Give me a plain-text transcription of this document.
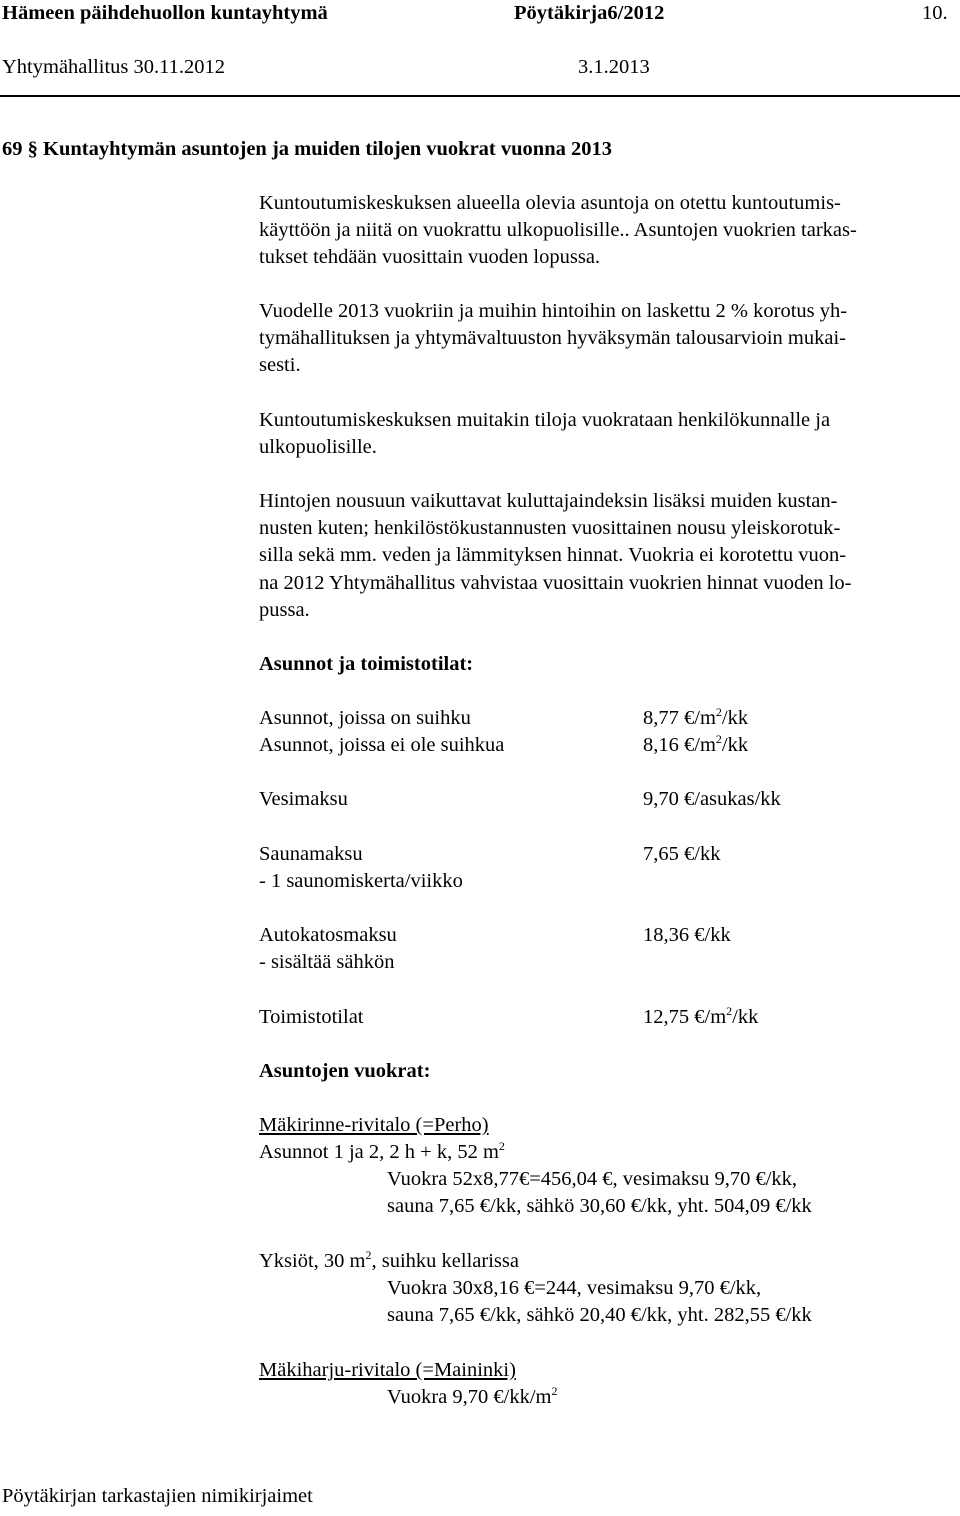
Hämeen päihdehuollon kuntayhtymä	Pöytäkirja6/2012	10.
Yhtymähallitus 30.11.2012	3.1.2013
69 § Kuntayhtymän asuntojen ja muiden tilojen vuokrat vuonna 2013
Kuntoutumiskeskuksen alueella olevia asuntoja on otettu kuntoutumis-
käyttöön ja niitä on vuokrattu ulkopuolisille.. Asuntojen vuokrien tarkas-
tukset tehdään vuosittain vuoden lopussa.
Vuodelle 2013 vuokriin ja muihin hintoihin on laskettu 2 % korotus yh-
tymähallituksen ja yhtymävaltuuston hyväksymän talousarvioin mukai-
sesti.
Kuntoutumiskeskuksen muitakin tiloja vuokrataan henkilökunnalle ja
ulkopuolisille.
Hintojen nousuun vaikuttavat kuluttajaindeksin lisäksi muiden kustan-
nusten kuten; henkilöstökustannusten vuosittainen nousu yleiskorotuk-
silla sekä mm. veden ja lämmityksen hinnat. Vuokria ei korotettu vuon-
na 2012 Yhtymähallitus vahvistaa vuosittain vuokrien hinnat vuoden lo-
pussa.
Asunnot ja toimistotilat:
Asunnot, joissa on suihku	8,77 $€/m^2/kk$
Asunnot, joissa ei ole suihkua	8,16 $€/m^2/kk$
Vesimaksu	9,70 €/asukas/kk
Saunamaksu	7,65 €/kk
- 1 saunomiskerta/viikko
Autokatosmaksu	18,36 €/kk
- sisältää sähkön
Toimistotilat	12,75 $€/m^2/kk$
Asuntojen vuokrat:
Mäkirinne-rivitalo (=Perho)
Asunnot 1 ja 2, 2 h + k, 52 $m^2$
Vuokra 52x8,77€=456,04 €, vesimaksu 9,70 €/kk,
sauna 7,65 €/kk, sähkö 30,60 €/kk, yht. 504,09 €/kk
Yksiöt, 30 $m^2$, suihku kellarissa
Vuokra 30x8,16 €=244, vesimaksu 9,70 €/kk,
sauna 7,65 €/kk, sähkö 20,40 €/kk, yht. 282,55 €/kk
Mäkiharju-rivitalo (=Maininki)
Vuokra 9,70 $€/kk/m^2$
Pöytäkirjan tarkastajien nimikirjaimet
